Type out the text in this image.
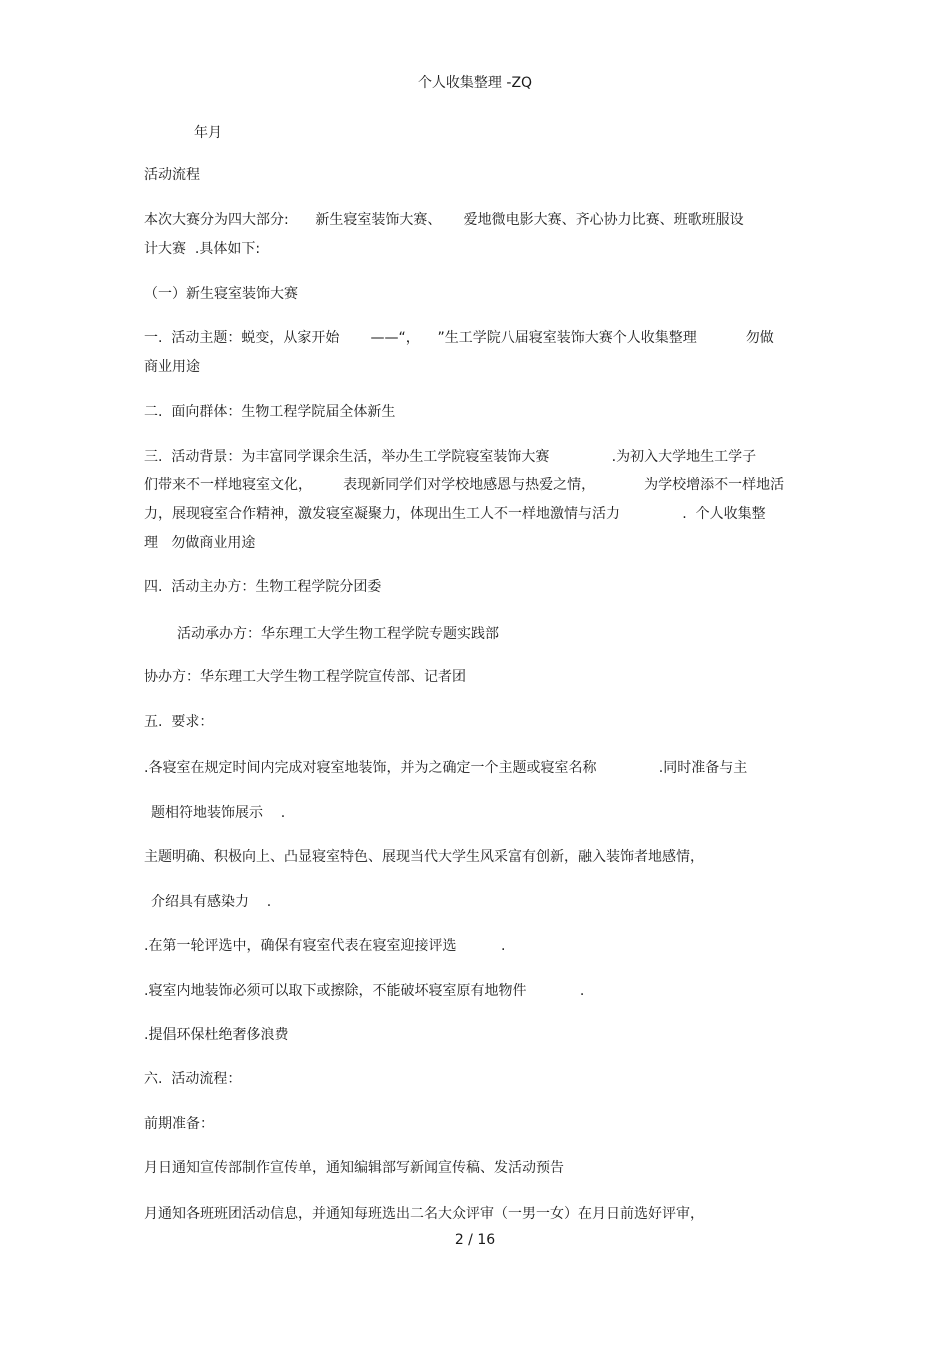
个人收集整理 -ZQ
年月
活动流程
本次大赛分为四大部分:      新生寝室装饰大赛、     爱地微电影大赛、齐心协力比赛、班歌班服设
计大赛  .具体如下:
（一）新生寝室装饰大赛
一.  活动主题：蜕变，从家开始       ——“，    ”生工学院八届寝室装饰大赛个人收集整理           勿做
商业用途
二.  面向群体：生物工程学院届全体新生
三.  活动背景：为丰富同学课余生活，举办生工学院寝室装饰大赛              .为初入大学地生工学子
们带来不一样地寝室文化，       表现新同学们对学校地感恩与热爱之情，           为学校增添不一样地活
力，展现寝室合作精神，激发寝室凝聚力，体现出生工人不一样地激情与活力              .  个人收集整
理   勿做商业用途
四.  活动主办方：生物工程学院分团委
活动承办方：华东理工大学生物工程学院专题实践部
协办方：华东理工大学生物工程学院宣传部、记者团
五.  要求：
.各寝室在规定时间内完成对寝室地装饰，并为之确定一个主题或寝室名称              .同时准备与主
题相符地装饰展示    .
主题明确、积极向上、凸显寝室特色、展现当代大学生风采富有创新，融入装饰者地感情，
介绍具有感染力    .
.在第一轮评选中，确保有寝室代表在寝室迎接评选          .
.寝室内地装饰必须可以取下或擦除，不能破坏寝室原有地物件            .
.提倡环保杜绝奢侈浪费
六.  活动流程：
前期准备：
月日通知宣传部制作宣传单，通知编辑部写新闻宣传稿、发活动预告
月通知各班班团活动信息，并通知每班选出二名大众评审（一男一女）在月日前选好评审，
2 / 16
